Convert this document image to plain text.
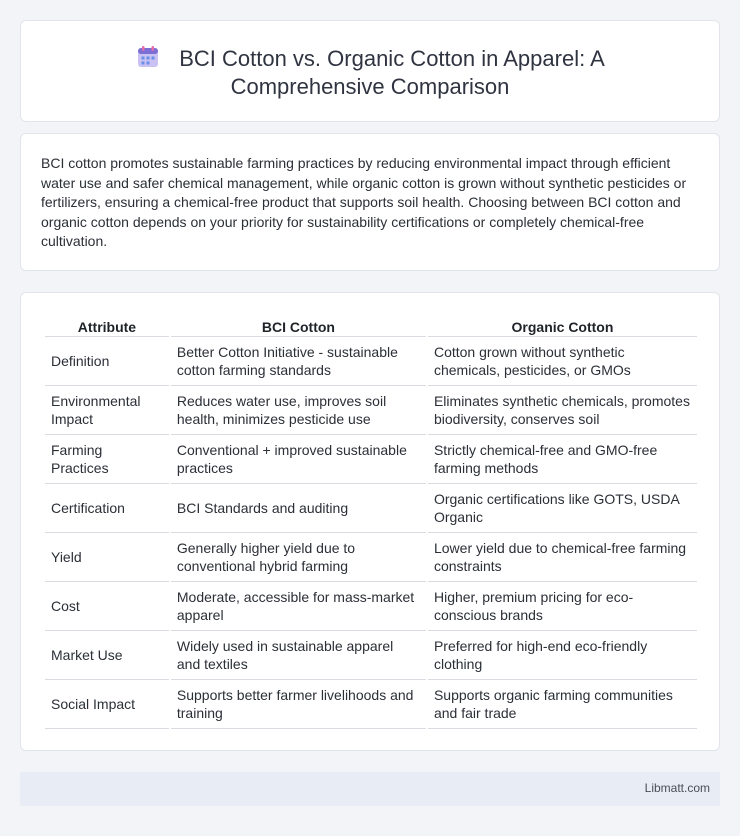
BCI Cotton vs. Organic Cotton in Apparel: A
Comprehensive Comparison

BCI cotton promotes sustainable farming practices by reducing environmental impact through efficient water use and safer chemical management, while organic cotton is grown without synthetic pesticides or fertilizers, ensuring a chemical-free product that supports soil health. Choosing between BCI cotton and organic cotton depends on your priority for sustainability certifications or completely chemical-free cultivation.

Attribute	BCI Cotton	Organic Cotton
Definition	Better Cotton Initiative - sustainable cotton farming standards	Cotton grown without synthetic chemicals, pesticides, or GMOs
Environmental Impact	Reduces water use, improves soil health, minimizes pesticide use	Eliminates synthetic chemicals, promotes biodiversity, conserves soil
Farming Practices	Conventional + improved sustainable practices	Strictly chemical-free and GMO-free farming methods
Certification	BCI Standards and auditing	Organic certifications like GOTS, USDA Organic
Yield	Generally higher yield due to conventional hybrid farming	Lower yield due to chemical-free farming constraints
Cost	Moderate, accessible for mass-market apparel	Higher, premium pricing for eco-conscious brands
Market Use	Widely used in sustainable apparel and textiles	Preferred for high-end eco-friendly clothing
Social Impact	Supports better farmer livelihoods and training	Supports organic farming communities and fair trade
Libmatt.com
